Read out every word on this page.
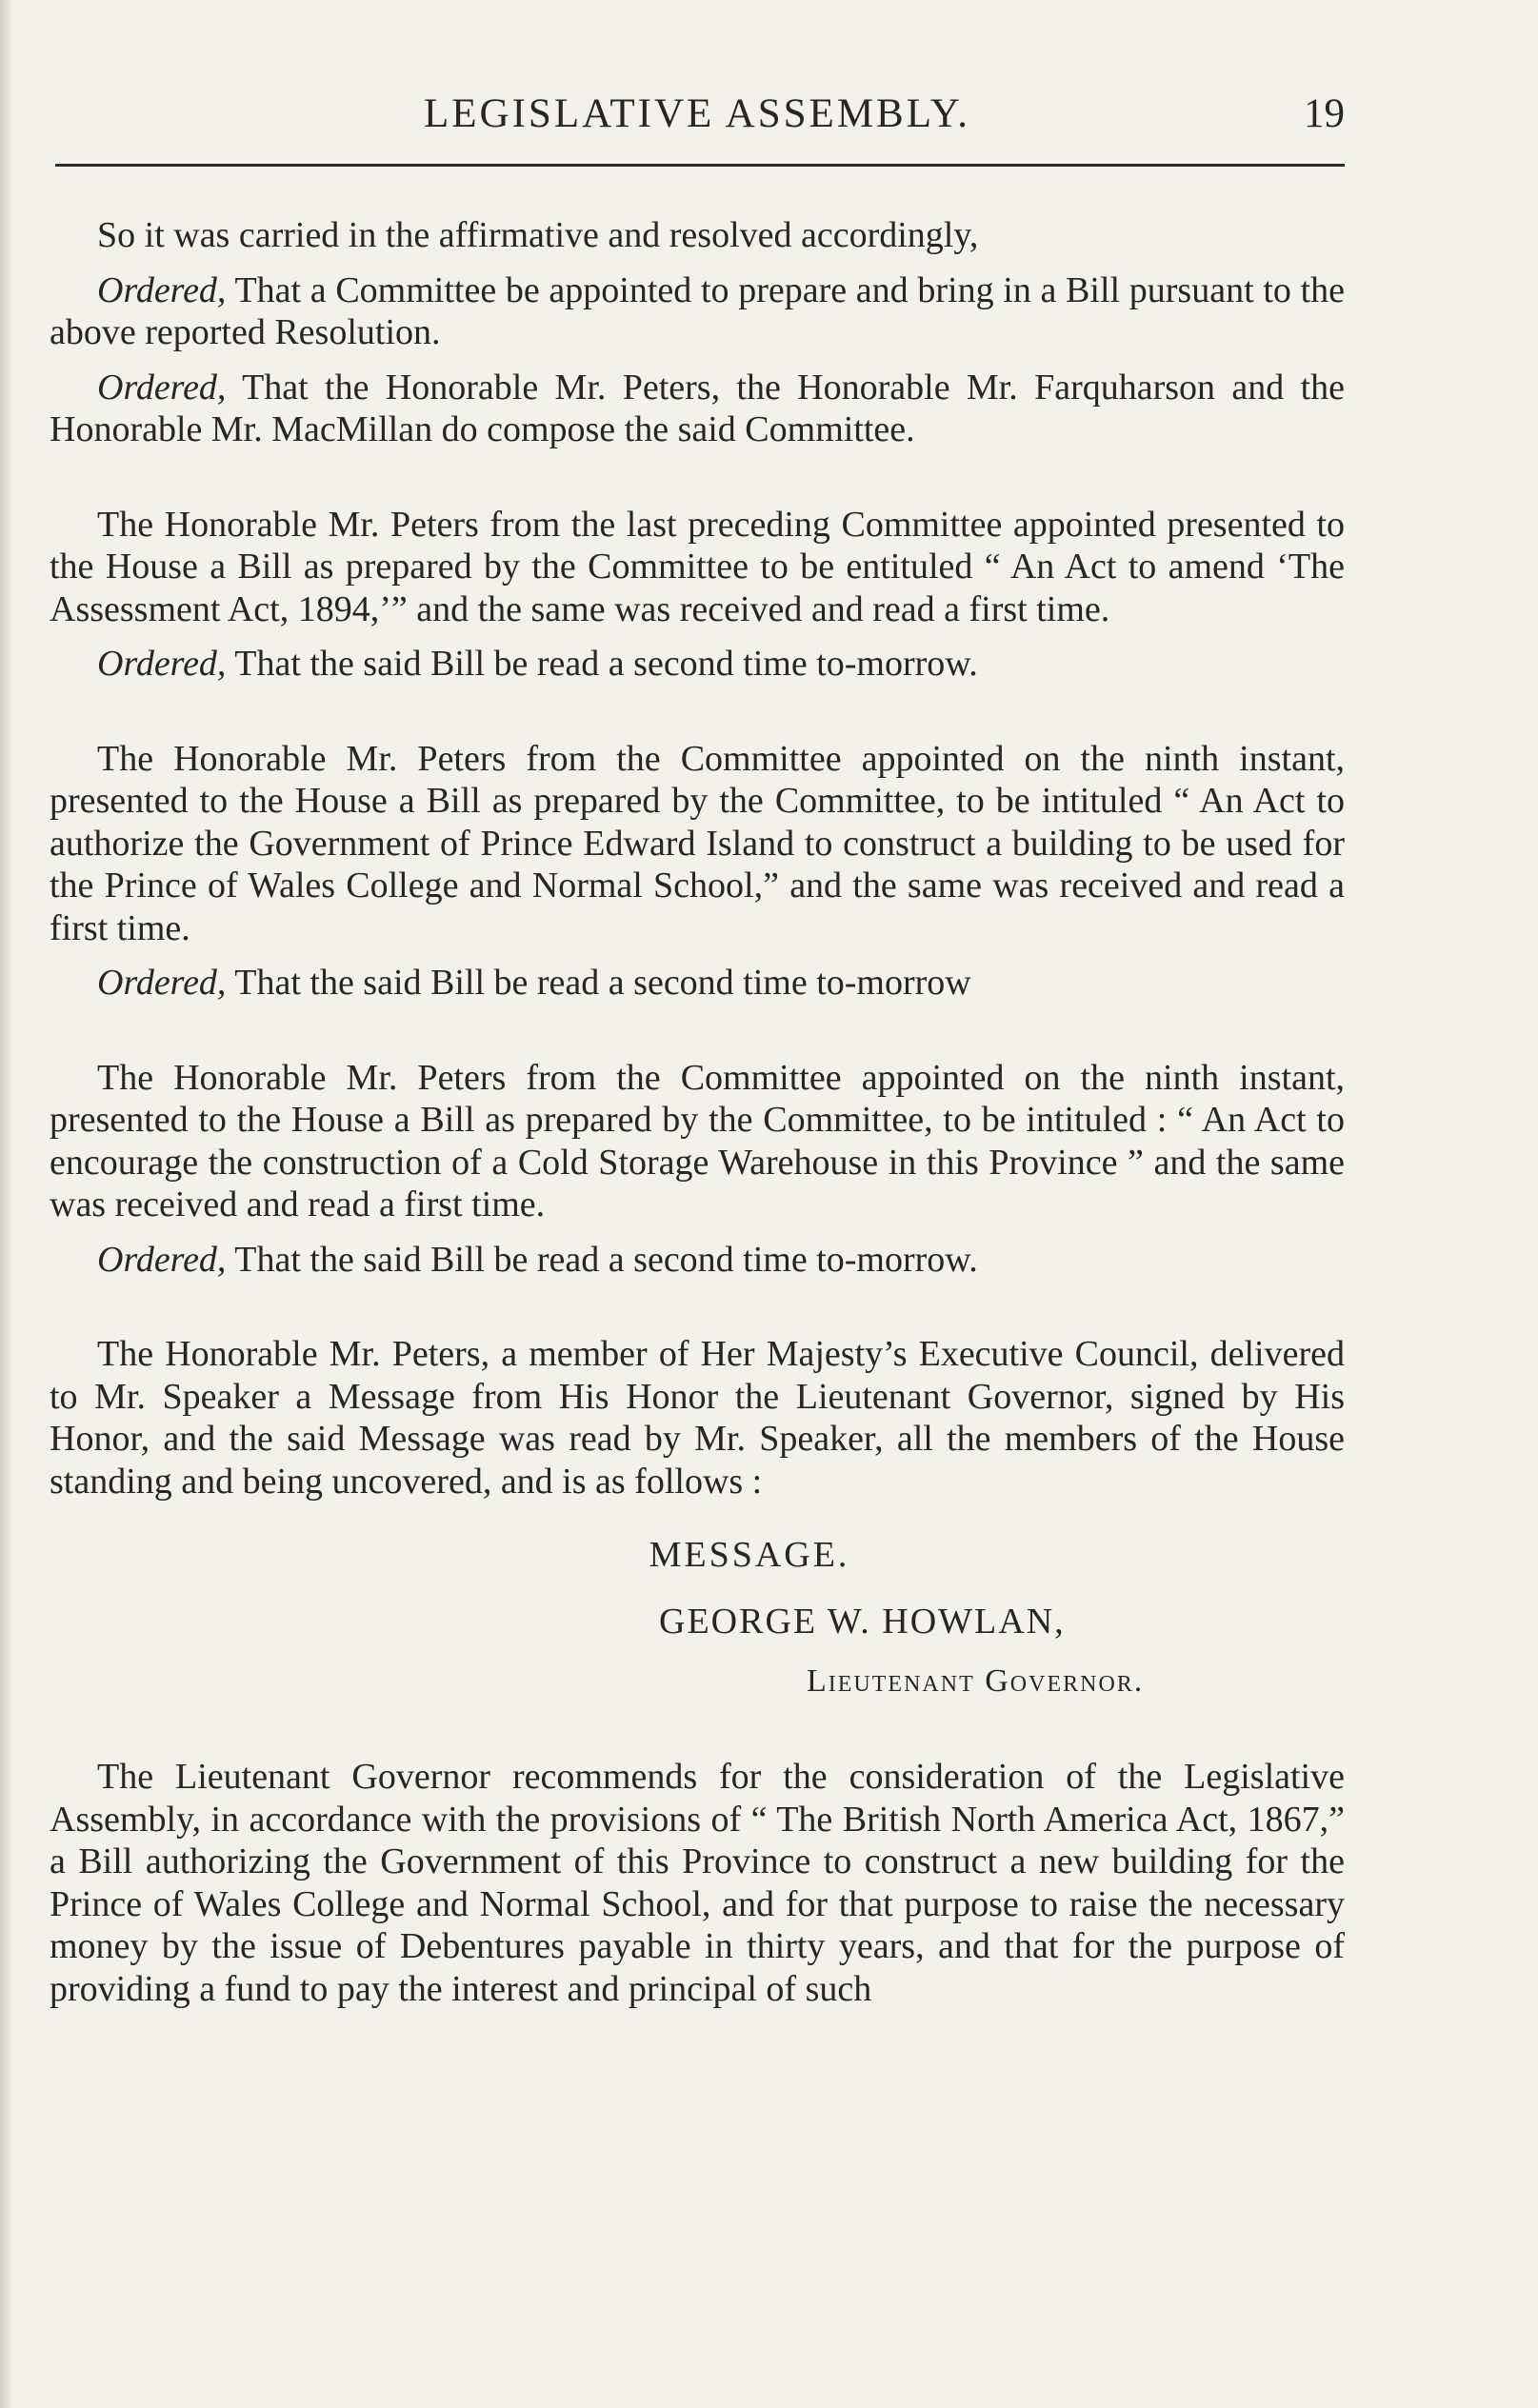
LEGISLATIVE ASSEMBLY.	19

So it was carried in the affirmative and resolved accordingly,

Ordered, That a Committee be appointed to prepare and bring in a Bill pursuant to the above reported Resolution.

Ordered, That the Honorable Mr. Peters, the Honorable Mr. Farquharson and the Honorable Mr. MacMillan do compose the said Committee.

The Honorable Mr. Peters from the last preceding Committee appointed presented to the House a Bill as prepared by the Committee to be entituled “ An Act to amend ‘The Assessment Act, 1894,’” and the same was received and read a first time.

Ordered, That the said Bill be read a second time to-morrow.

The Honorable Mr. Peters from the Committee appointed on the ninth instant, presented to the House a Bill as prepared by the Committee, to be intituled “ An Act to authorize the Government of Prince Edward Island to construct a building to be used for the Prince of Wales College and Normal School,” and the same was received and read a first time.

Ordered, That the said Bill be read a second time to-morrow

The Honorable Mr. Peters from the Committee appointed on the ninth instant, presented to the House a Bill as prepared by the Committee, to be intituled : “ An Act to encourage the construction of a Cold Storage Warehouse in this Province ” and the same was received and read a first time.

Ordered, That the said Bill be read a second time to-morrow.

The Honorable Mr. Peters, a member of Her Majesty’s Executive Council, delivered to Mr. Speaker a Message from His Honor the Lieutenant Governor, signed by His Honor, and the said Message was read by Mr. Speaker, all the members of the House standing and being uncovered, and is as follows :

MESSAGE.
GEORGE W. HOWLAN,
Lieutenant Governor.

The Lieutenant Governor recommends for the consideration of the Legislative Assembly, in accordance with the provisions of “ The British North America Act, 1867,” a Bill authorizing the Government of this Province to construct a new building for the Prince of Wales College and Normal School, and for that purpose to raise the necessary money by the issue of Debentures payable in thirty years, and that for the purpose of providing a fund to pay the interest and principal of such
